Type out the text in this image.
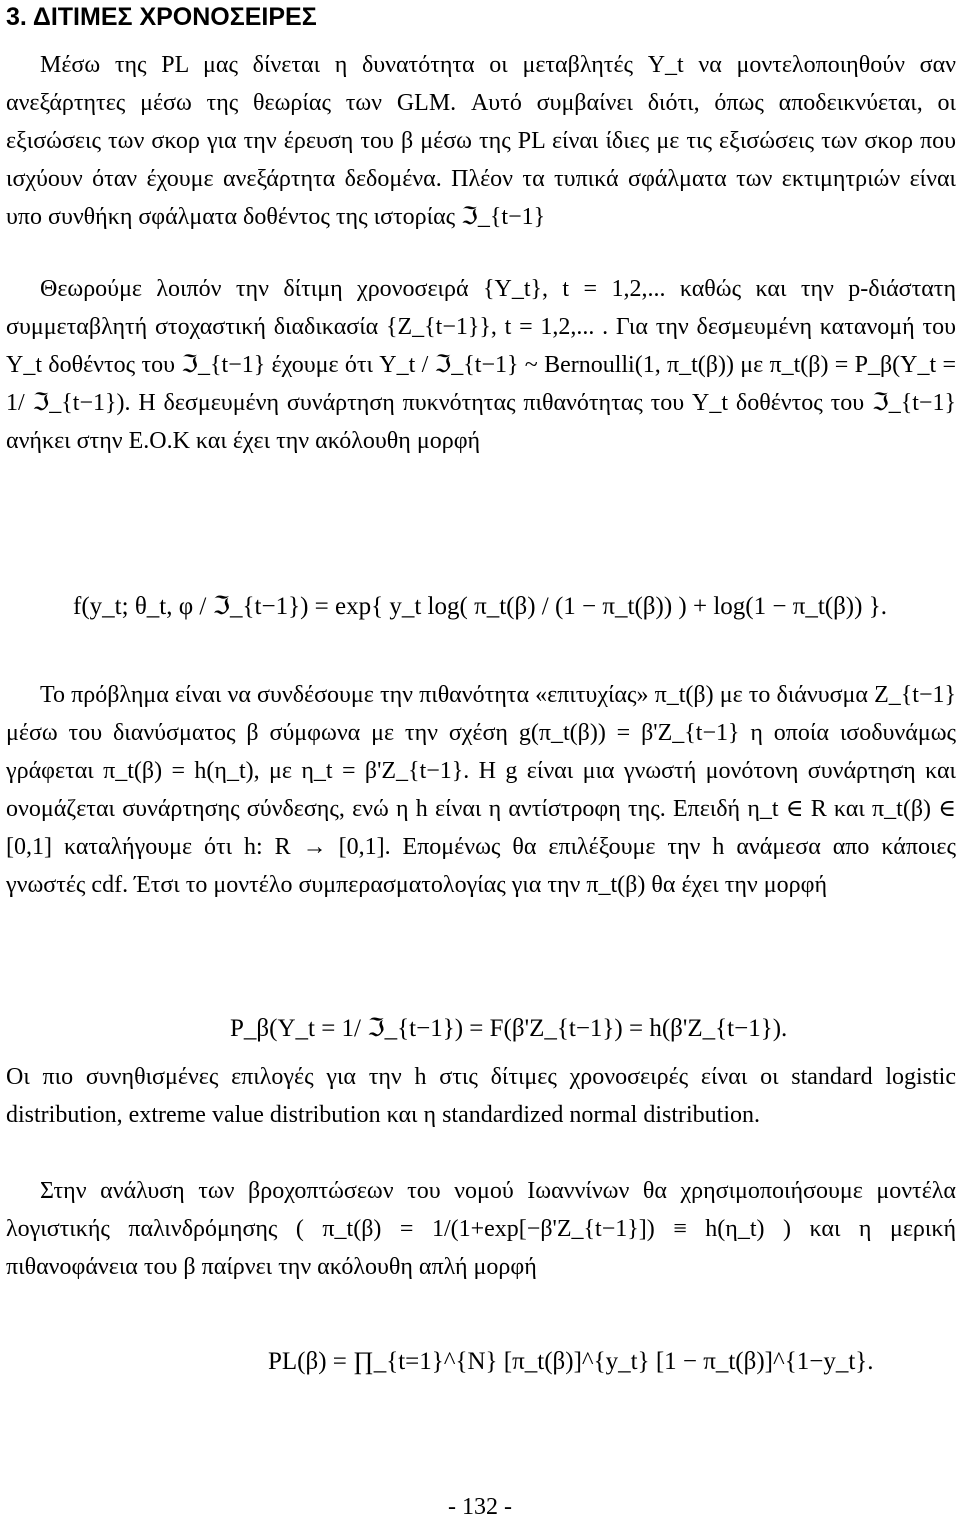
3. ΔΙΤΙΜΕΣ ΧΡΟΝΟΣΕΙΡΕΣ
Μέσω της PL μας δίνεται η δυνατότητα οι μεταβλητές Y_t να μοντελοποιηθούν σαν ανεξάρτητες μέσω της θεωρίας των GLM. Αυτό συμβαίνει διότι, όπως αποδεικνύεται, οι εξισώσεις των σκορ για την έρευση του β μέσω της PL είναι ίδιες με τις εξισώσεις των σκορ που ισχύουν όταν έχουμε ανεξάρτητα δεδομένα. Πλέον τα τυπικά σφάλματα των εκτιμητριών είναι υπο συνθήκη σφάλματα δοθέντος της ιστορίας ℑ_{t−1}
Θεωρούμε λοιπόν την δίτιμη χρονοσειρά {Y_t}, t = 1,2,... καθώς και την p-διάστατη συμμεταβλητή στοχαστική διαδικασία {Z_{t−1}}, t = 1,2,... . Για την δεσμευμένη κατανομή του Y_t δοθέντος του ℑ_{t−1} έχουμε ότι Y_t / ℑ_{t−1} ~ Bernoulli(1, π_t(β)) με π_t(β) = P_β(Y_t = 1/ ℑ_{t−1}). Η δεσμευμένη συνάρτηση πυκνότητας πιθανότητας του Y_t δοθέντος του ℑ_{t−1} ανήκει στην Ε.Ο.Κ και έχει την ακόλουθη μορφή
f(y_t; θ_t, φ / ℑ_{t−1}) = exp{ y_t log( π_t(β) / (1 − π_t(β)) ) + log(1 − π_t(β)) }.
Το πρόβλημα είναι να συνδέσουμε την πιθανότητα «επιτυχίας» π_t(β) με το διάνυσμα Z_{t−1} μέσω του διανύσματος β σύμφωνα με την σχέση g(π_t(β)) = β'Z_{t−1} η οποία ισοδυνάμως γράφεται π_t(β) = h(η_t), με η_t = β'Z_{t−1}. Η g είναι μια γνωστή μονότονη συνάρτηση και ονομάζεται συνάρτησης σύνδεσης, ενώ η h είναι η αντίστροφη της. Επειδή η_t ∈ R και π_t(β) ∈ [0,1] καταλήγουμε ότι h: R → [0,1]. Επομένως θα επιλέξουμε την h ανάμεσα απο κάποιες γνωστές cdf. Έτσι το μοντέλο συμπερασματολογίας για την π_t(β) θα έχει την μορφή
P_β(Y_t = 1/ ℑ_{t−1}) = F(β'Z_{t−1}) = h(β'Z_{t−1}).
Οι πιο συνηθισμένες επιλογές για την h στις δίτιμες χρονοσειρές είναι οι standard logistic distribution, extreme value distribution και η standardized normal distribution.
Στην ανάλυση των βροχοπτώσεων του νομού Ιωαννίνων θα χρησιμοποιήσουμε μοντέλα λογιστικής παλινδρόμησης ( π_t(β) = 1/(1+exp[−β'Z_{t−1}]) ≡ h(η_t) ) και η μερική πιθανοφάνεια του β παίρνει την ακόλουθη απλή μορφή
PL(β) = ∏_{t=1}^{N} [π_t(β)]^{y_t} [1 − π_t(β)]^{1−y_t}.
- 132 -
